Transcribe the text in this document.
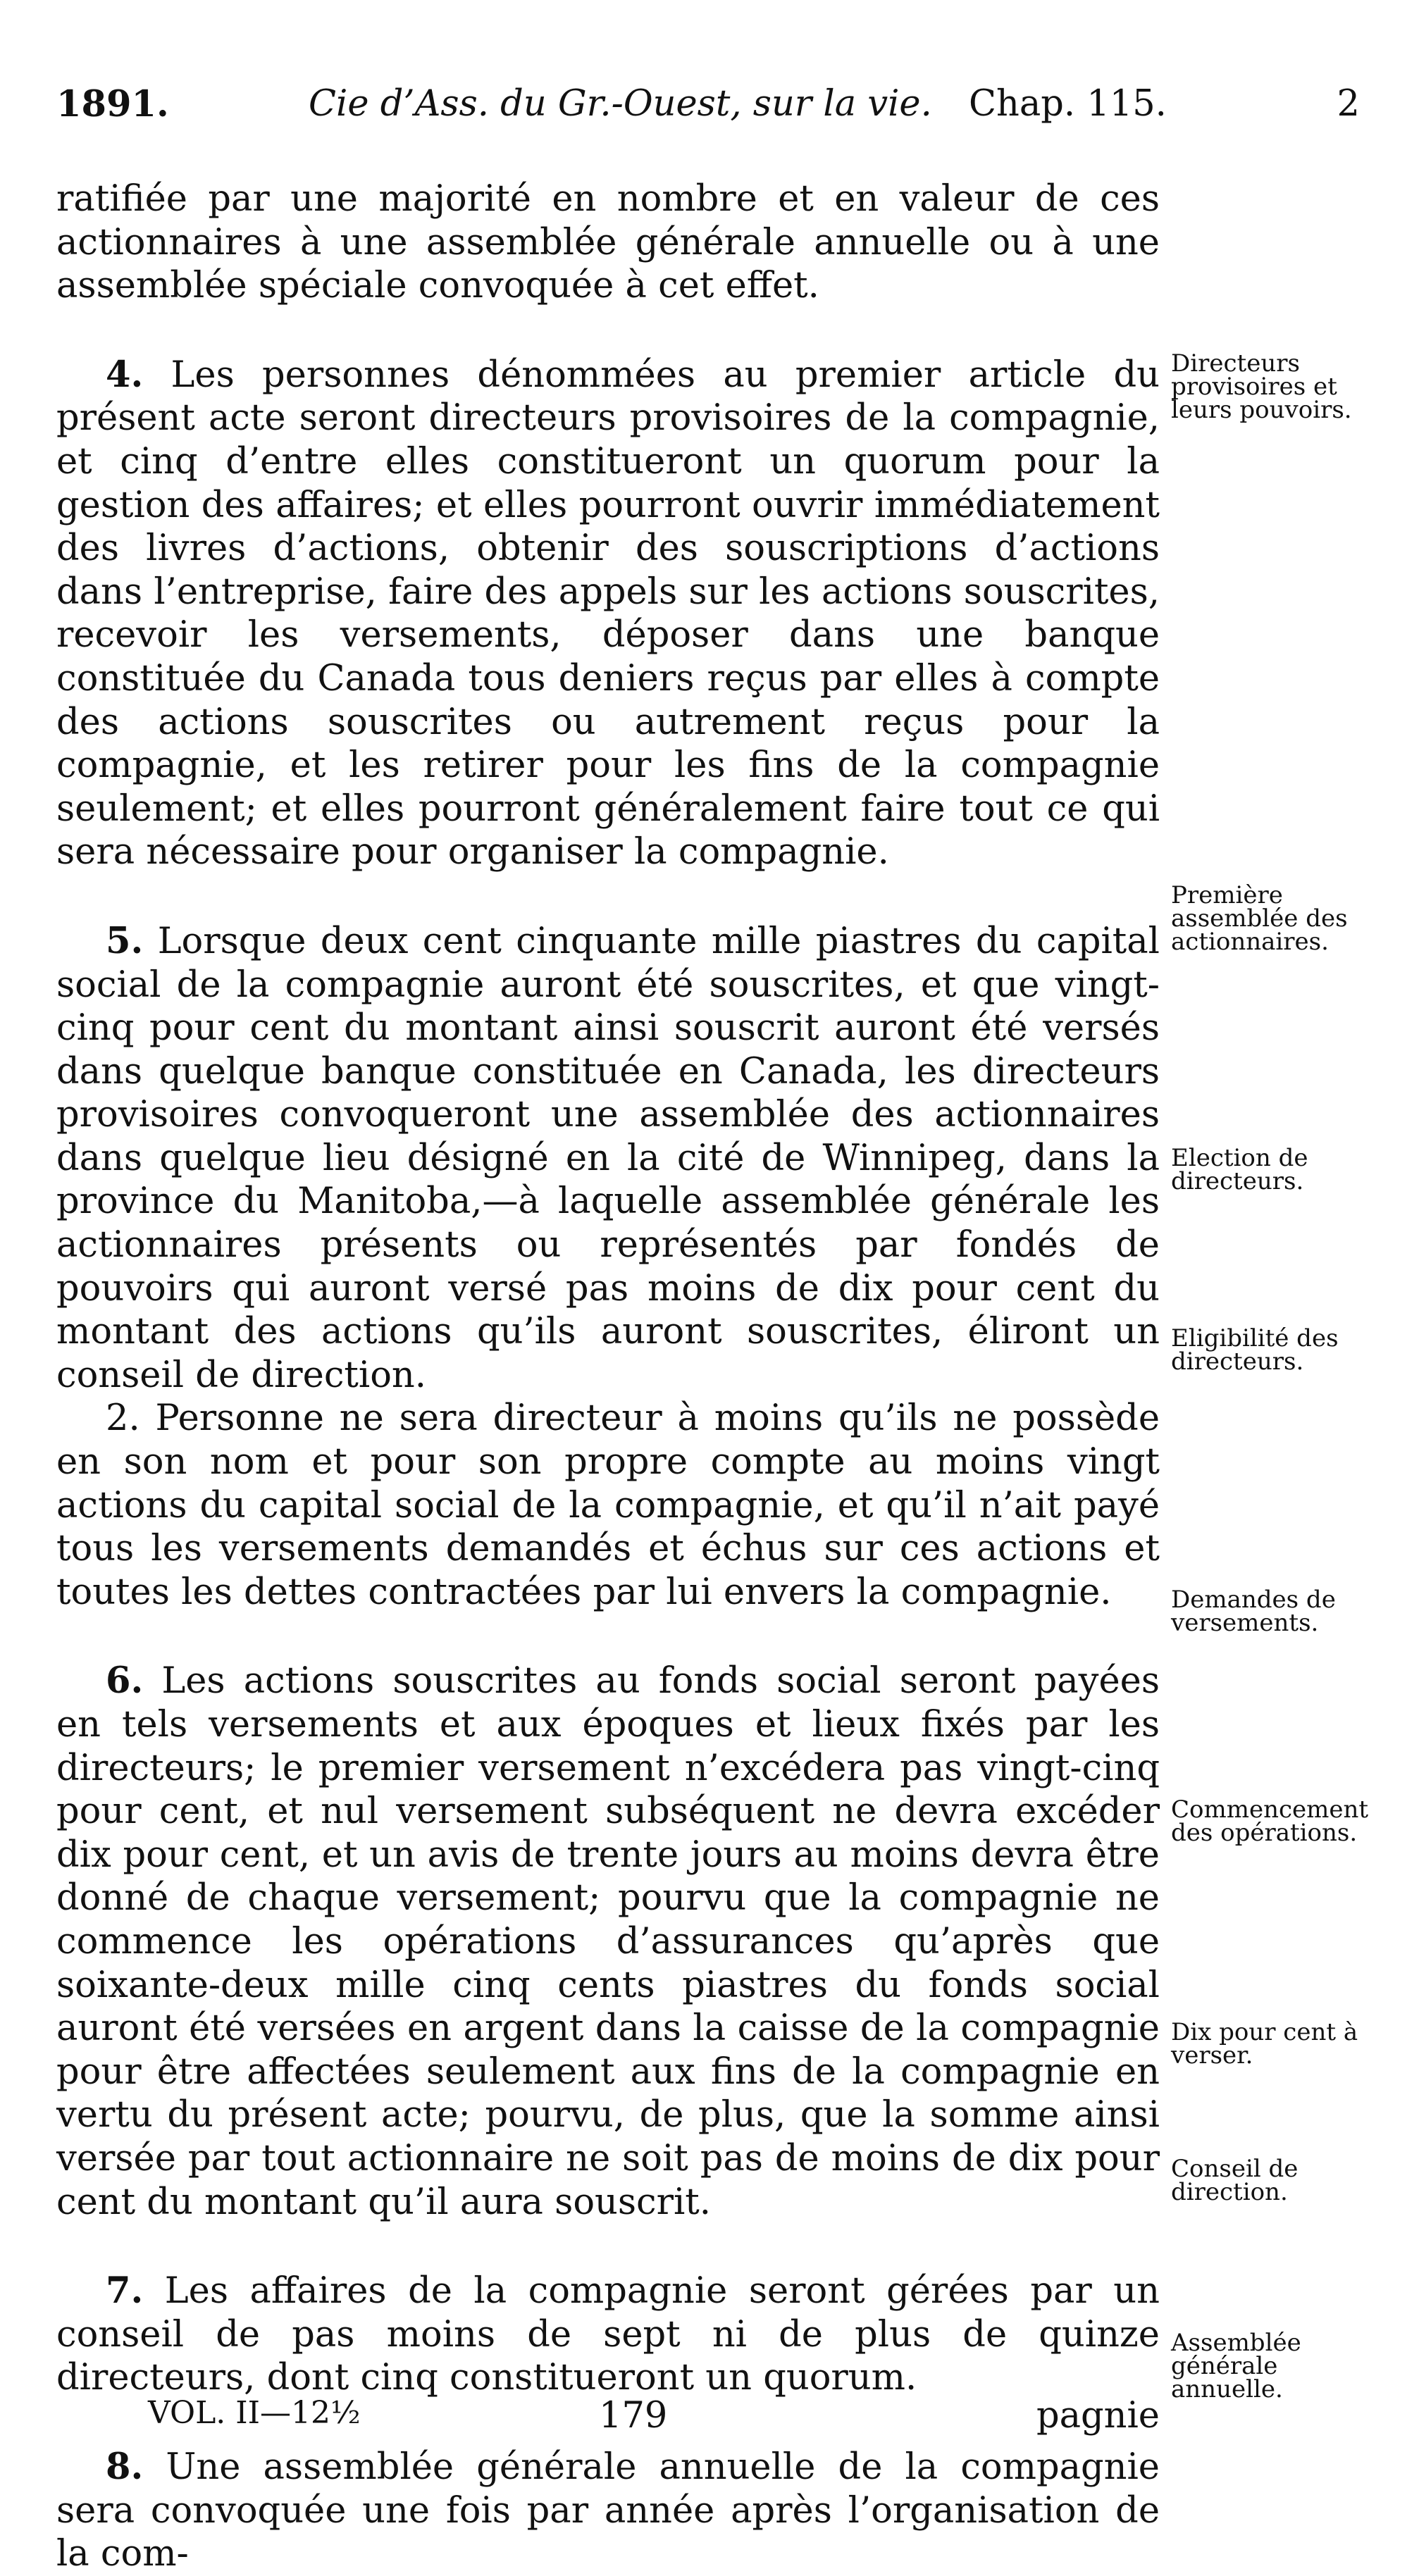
1891.	Cie d’Ass. du Gr.-Ouest, sur la vie. Chap. 115.	2

ratifiée par une majorité en nombre et en valeur de ces actionnaires à une assemblée générale annuelle ou à une assemblée spéciale convoquée à cet effet.

4. Les personnes dénommées au premier article du présent acte seront directeurs provisoires de la compagnie, et cinq d’entre elles constitueront un quorum pour la gestion des affaires; et elles pourront ouvrir immédiatement des livres d’actions, obtenir des souscriptions d’actions dans l’entreprise, faire des appels sur les actions souscrites, recevoir les versements, déposer dans une banque constituée du Canada tous deniers reçus par elles à compte des actions souscrites ou autrement reçus pour la compagnie, et les retirer pour les fins de la compagnie seulement; et elles pourront généralement faire tout ce qui sera nécessaire pour organiser la compagnie.

5. Lorsque deux cent cinquante mille piastres du capital social de la compagnie auront été souscrites, et que vingt-cinq pour cent du montant ainsi souscrit auront été versés dans quelque banque constituée en Canada, les directeurs provisoires convoqueront une assemblée des actionnaires dans quelque lieu désigné en la cité de Winnipeg, dans la province du Manitoba,—à laquelle assemblée générale les actionnaires présents ou représentés par fondés de pouvoirs qui auront versé pas moins de dix pour cent du montant des actions qu’ils auront souscrites, éliront un conseil de direction.

2. Personne ne sera directeur à moins qu’ils ne possède en son nom et pour son propre compte au moins vingt actions du capital social de la compagnie, et qu’il n’ait payé tous les versements demandés et échus sur ces actions et toutes les dettes contractées par lui envers la compagnie.

6. Les actions souscrites au fonds social seront payées en tels versements et aux époques et lieux fixés par les directeurs; le premier versement n’excédera pas vingt-cinq pour cent, et nul versement subséquent ne devra excéder dix pour cent, et un avis de trente jours au moins devra être donné de chaque versement; pourvu que la compagnie ne commence les opérations d’assurances qu’après que soixante-deux mille cinq cents piastres du fonds social auront été versées en argent dans la caisse de la compagnie pour être affectées seulement aux fins de la compagnie en vertu du présent acte; pourvu, de plus, que la somme ainsi versée par tout actionnaire ne soit pas de moins de dix pour cent du montant qu’il aura souscrit.

7. Les affaires de la compagnie seront gérées par un conseil de pas moins de sept ni de plus de quinze directeurs, dont cinq constitueront un quorum.

8. Une assemblée générale annuelle de la compagnie sera convoquée une fois par année après l’organisation de la com-

Directeurs provisoires et leurs pouvoirs.
Première assemblée des actionnaires.
Election de directeurs.
Eligibilité des directeurs.
Demandes de versements.
Commencement des opérations.
Dix pour cent à verser.
Conseil de direction.
Assemblée générale annuelle.
VOL. II—12½	179	pagnie
